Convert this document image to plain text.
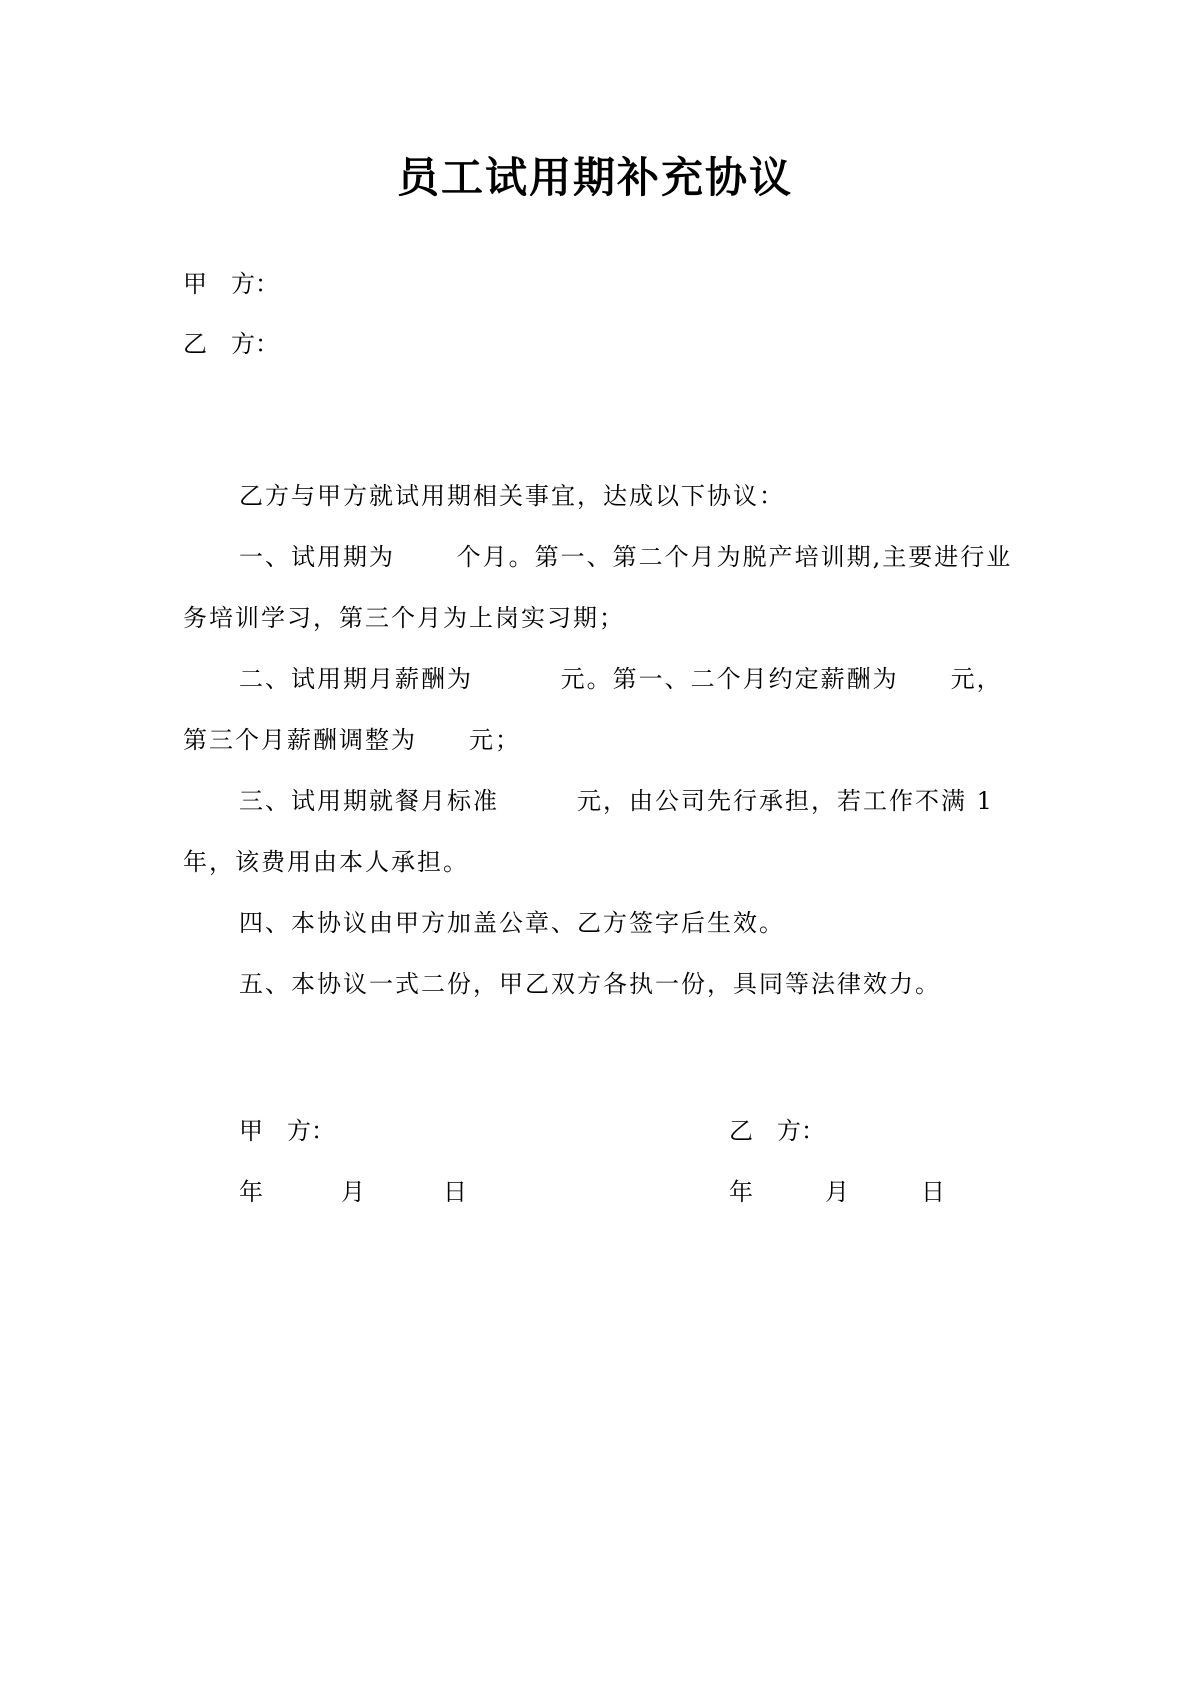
员工试用期补充协议
甲　方：
乙　方：

乙方与甲方就试用期相关事宜，达成以下协议：

一、试用期为　　 个月。第一、第二个月为脱产培训期,主要进行业务培训学习，第三个月为上岗实习期；

二、试用期月薪酬为　　　 元。第一、二个月约定薪酬为　　元，第三个月薪酬调整为　　元；

三、试用期就餐月标准　　　元，由公司先行承担，若工作不满 1 年，该费用由本人承担。

四、本协议由甲方加盖公章、乙方签字后生效。

五、本协议一式二份，甲乙双方各执一份，具同等法律效力。

甲　方：	乙　方：
年　　月　　日	年　　月　　日
